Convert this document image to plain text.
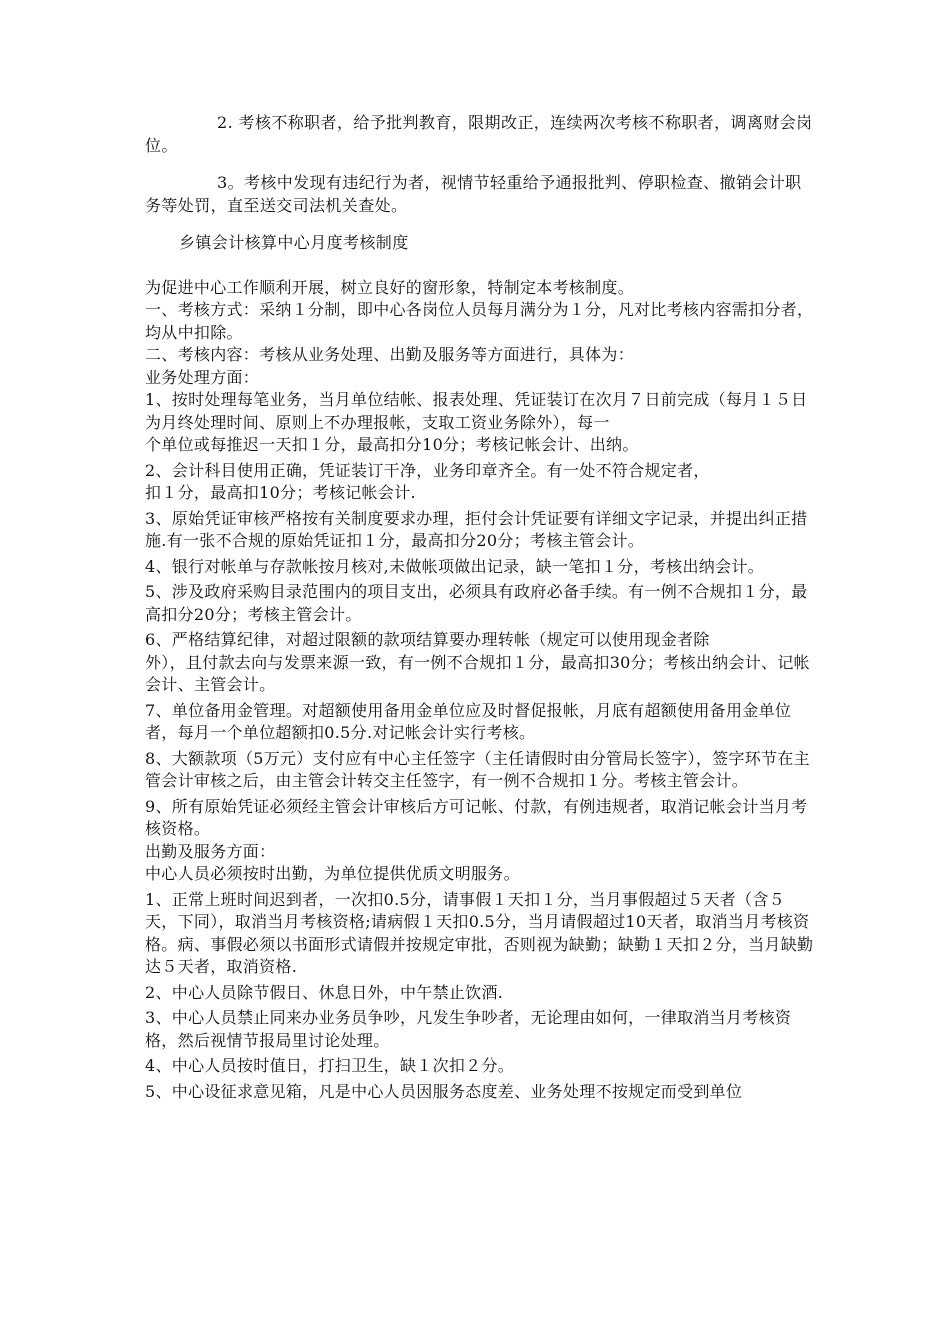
2. 考核不称职者，给予批判教育，限期改正，连续两次考核不称职者，调离财会岗位。

3。考核中发现有违纪行为者，视情节轻重给予通报批判、停职检查、撤销会计职务等处罚，直至送交司法机关查处。

乡镇会计核算中心月度考核制度

为促进中心工作顺利开展，树立良好的窗形象，特制定本考核制度。

一、考核方式：采纳１分制，即中心各岗位人员每月满分为１分，凡对比考核内容需扣分者，均从中扣除。

二、考核内容：考核从业务处理、出勤及服务等方面进行，具体为：

业务处理方面：

1、按时处理每笔业务，当月单位结帐、报表处理、凭证装订在次月７日前完成（每月１５日为月终处理时间、原则上不办理报帐，支取工资业务除外），每一

个单位或每推迟一天扣１分，最高扣分10分；考核记帐会计、出纳。

2、会计科目使用正确，凭证装订干净，业务印章齐全。有一处不符合规定者，

扣１分，最高扣10分；考核记帐会计.

3、原始凭证审核严格按有关制度要求办理，拒付会计凭证要有详细文字记录，并提出纠正措施.有一张不合规的原始凭证扣１分，最高扣分20分；考核主管会计。

4、银行对帐单与存款帐按月核对,未做帐项做出记录，缺一笔扣１分，考核出纳会计。

5、涉及政府采购目录范围内的项目支出，必须具有政府必备手续。有一例不合规扣１分，最高扣分20分；考核主管会计。

6、严格结算纪律，对超过限额的款项结算要办理转帐（规定可以使用现金者除

外），且付款去向与发票来源一致，有一例不合规扣１分，最高扣30分；考核出纳会计、记帐会计、主管会计。

7、单位备用金管理。对超额使用备用金单位应及时督促报帐，月底有超额使用备用金单位者，每月一个单位超额扣0.5分.对记帐会计实行考核。

8、大额款项（5万元）支付应有中心主任签字（主任请假时由分管局长签字），签字环节在主管会计审核之后，由主管会计转交主任签字，有一例不合规扣１分。考核主管会计。

9、所有原始凭证必须经主管会计审核后方可记帐、付款，有例违规者，取消记帐会计当月考核资格。

出勤及服务方面：

中心人员必须按时出勤，为单位提供优质文明服务。

1、正常上班时间迟到者，一次扣0.5分，请事假１天扣１分，当月事假超过５天者（含５天，下同），取消当月考核资格;请病假１天扣0.5分，当月请假超过10天者，取消当月考核资格。病、事假必须以书面形式请假并按规定审批，否则视为缺勤；缺勤１天扣２分，当月缺勤达５天者，取消资格.

2、中心人员除节假日、休息日外，中午禁止饮酒.

3、中心人员禁止同来办业务员争吵，凡发生争吵者，无论理由如何，一律取消当月考核资格，然后视情节报局里讨论处理。

4、中心人员按时值日，打扫卫生，缺１次扣２分。

5、中心设征求意见箱，凡是中心人员因服务态度差、业务处理不按规定而受到单位
